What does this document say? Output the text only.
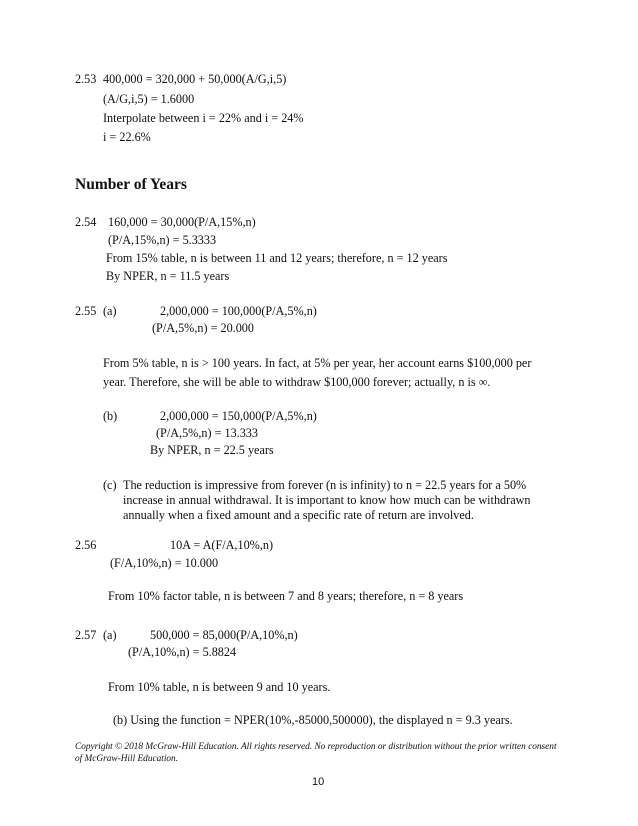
2.53 400,000 = 320,000 + 50,000(A/G,i,5)
(A/G,i,5) = 1.6000
Interpolate between i = 22% and i = 24%
i = 22.6%
Number of Years
2.54 160,000 = 30,000(P/A,15%,n)
(P/A,15%,n) = 5.3333
From 15% table, n is between 11 and 12 years; therefore, n = 12 years
By NPER, n = 11.5 years
2.55 (a)	2,000,000 = 100,000(P/A,5%,n)
(P/A,5%,n) = 20.000
From 5% table, n is > 100 years. In fact, at 5% per year, her account earns $100,000 per
year. Therefore, she will be able to withdraw $100,000 forever; actually, n is ∞.
(b)	2,000,000 = 150,000(P/A,5%,n)
(P/A,5%,n) = 13.333
By NPER, n = 22.5 years
(c) The reduction is impressive from forever (n is infinity) to n = 22.5 years for a 50%
increase in annual withdrawal. It is important to know how much can be withdrawn
annually when a fixed amount and a specific rate of return are involved.
2.56	10A = A(F/A,10%,n)
(F/A,10%,n) = 10.000
From 10% factor table, n is between 7 and 8 years; therefore, n = 8 years
2.57 (a)	500,000 = 85,000(P/A,10%,n)
(P/A,10%,n) = 5.8824
From 10% table, n is between 9 and 10 years.
(b) Using the function = NPER(10%,-85000,500000), the displayed n = 9.3 years.
Copyright © 2018 McGraw-Hill Education. All rights reserved. No reproduction or distribution without the prior written consent
of McGraw-Hill Education.
10
